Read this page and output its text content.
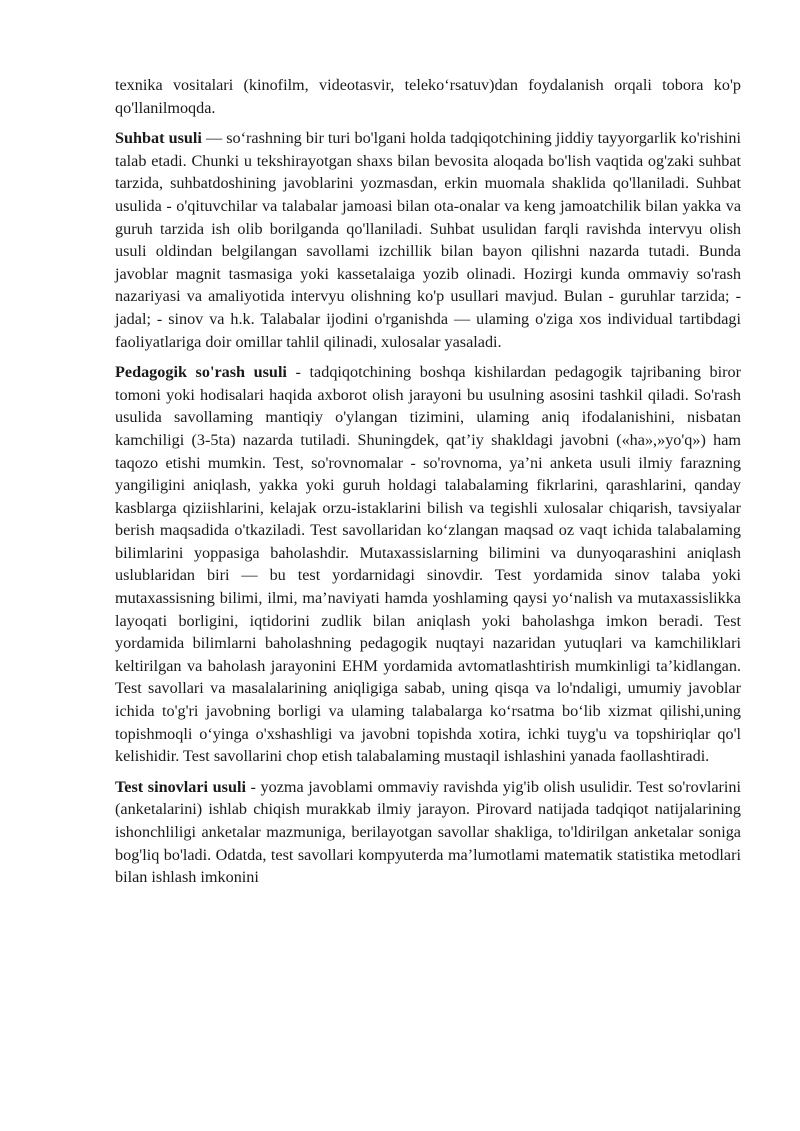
texnika vositalari (kinofilm, videotasvir, teleko‘rsatuv)dan foydalanish orqali tobora ko'p qo'llanilmoqda.

Suhbat usuli — so‘rashning bir turi bo'lgani holda tadqiqotchining jiddiy tayyorgarlik ko'rishini talab etadi. Chunki u tekshirayotgan shaxs bilan bevosita aloqada bo'lish vaqtida og'zaki suhbat tarzida, suhbatdoshining javoblarini yozmasdan, erkin muomala shaklida qo'llaniladi. Suhbat usulida - o'qituvchilar va talabalar jamoasi bilan ota-onalar va keng jamoatchilik bilan yakka va guruh tarzida ish olib borilganda qo'llaniladi. Suhbat usulidan farqli ravishda intervyu olish usuli oldindan belgilangan savollami izchillik bilan bayon qilishni nazarda tutadi. Bunda javoblar magnit tasmasiga yoki kassetalaiga yozib olinadi. Hozirgi kunda ommaviy so'rash nazariyasi va amaliyotida intervyu olishning ko'p usullari mavjud. Bulan - guruhlar tarzida; - jadal; - sinov va h.k. Talabalar ijodini o'rganishda — ulaming o'ziga xos individual tartibdagi faoliyatlariga doir omillar tahlil qilinadi, xulosalar yasaladi.

Pedagogik so'rash usuli - tadqiqotchining boshqa kishilardan pedagogik tajribaning biror tomoni yoki hodisalari haqida axborot olish jarayoni bu usulning asosini tashkil qiladi. So'rash usulida savollaming mantiqiy o'ylangan tizimini, ulaming aniq ifodalanishini, nisbatan kamchiligi (3-5ta) nazarda tutiladi. Shuningdek, qat’iy shakldagi javobni («ha»,»yo'q») ham taqozo etishi mumkin. Test, so'rovnomalar - so'rovnoma, ya’ni anketa usuli ilmiy farazning yangiligini aniqlash, yakka yoki guruh holdagi talabalaming fikrlarini, qarashlarini, qanday kasblarga qiziishlarini, kelajak orzu-istaklarini bilish va tegishli xulosalar chiqarish, tavsiyalar berish maqsadida o'tkaziladi. Test savollaridan ko‘zlangan maqsad oz vaqt ichida talabalaming bilimlarini yoppasiga baholashdir. Mutaxassislarning bilimini va dunyoqarashini aniqlash uslublaridan biri — bu test yordarnidagi sinovdir. Test yordamida sinov talaba yoki mutaxassisning bilimi, ilmi, ma’naviyati hamda yoshlaming qaysi yo‘nalish va mutaxassislikka layoqati borligini, iqtidorini zudlik bilan aniqlash yoki baholashga imkon beradi. Test yordamida bilimlarni baholashning pedagogik nuqtayi nazaridan yutuqlari va kamchiliklari keltirilgan va baholash jarayonini EHM yordamida avtomatlashtirish mumkinligi ta’kidlangan. Test savollari va masalalarining aniqligiga sabab, uning qisqa va lo'ndaligi, umumiy javoblar ichida to'g'ri javobning borligi va ulaming talabalarga ko‘rsatma bo‘lib xizmat qilishi,uning topishmoqli o‘yinga o'xshashligi va javobni topishda xotira, ichki tuyg'u va topshiriqlar qo'l kelishidir. Test savollarini chop etish talabalaming mustaqil ishlashini yanada faollashtiradi.

Test sinovlari usuli - yozma javoblami ommaviy ravishda yig'ib olish usulidir. Test so'rovlarini (anketalarini) ishlab chiqish murakkab ilmiy jarayon. Pirovard natijada tadqiqot natijalarining ishonchliligi anketalar mazmuniga, berilayotgan savollar shakliga, to'ldirilgan anketalar soniga bog'liq bo'ladi. Odatda, test savollari kompyuterda ma’lumotlami matematik statistika metodlari bilan ishlash imkonini
